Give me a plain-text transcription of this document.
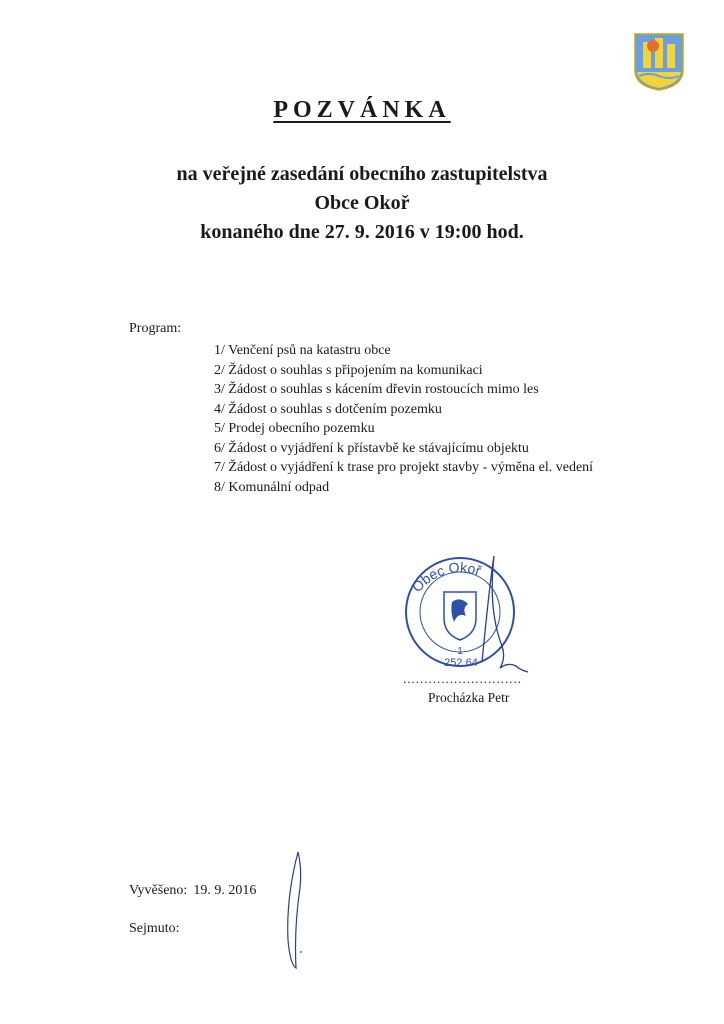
POZVÁNKA
na veřejné zasedání obecního zastupitelstva
Obce Okoř
konaného dne 27. 9. 2016 v 19:00 hod.
Program:
1/ Venčení psů na katastru obce
2/ Žádost o souhlas s připojením na komunikaci
3/ Žádost o souhlas s kácením dřevin rostoucích mimo les
4/ Žádost o souhlas s dotčením pozemku
5/ Prodej obecního pozemku
6/ Žádost o vyjádření k přístavbě ke stávajícímu objektu
7/ Žádost o vyjádření k trase pro projekt stavby - výměna el. vedení
8/ Komunální odpad
Obec Okoř
1
252 64
............................
Procházka Petr
Vyvěšeno: 19. 9. 2016
Sejmuto:
